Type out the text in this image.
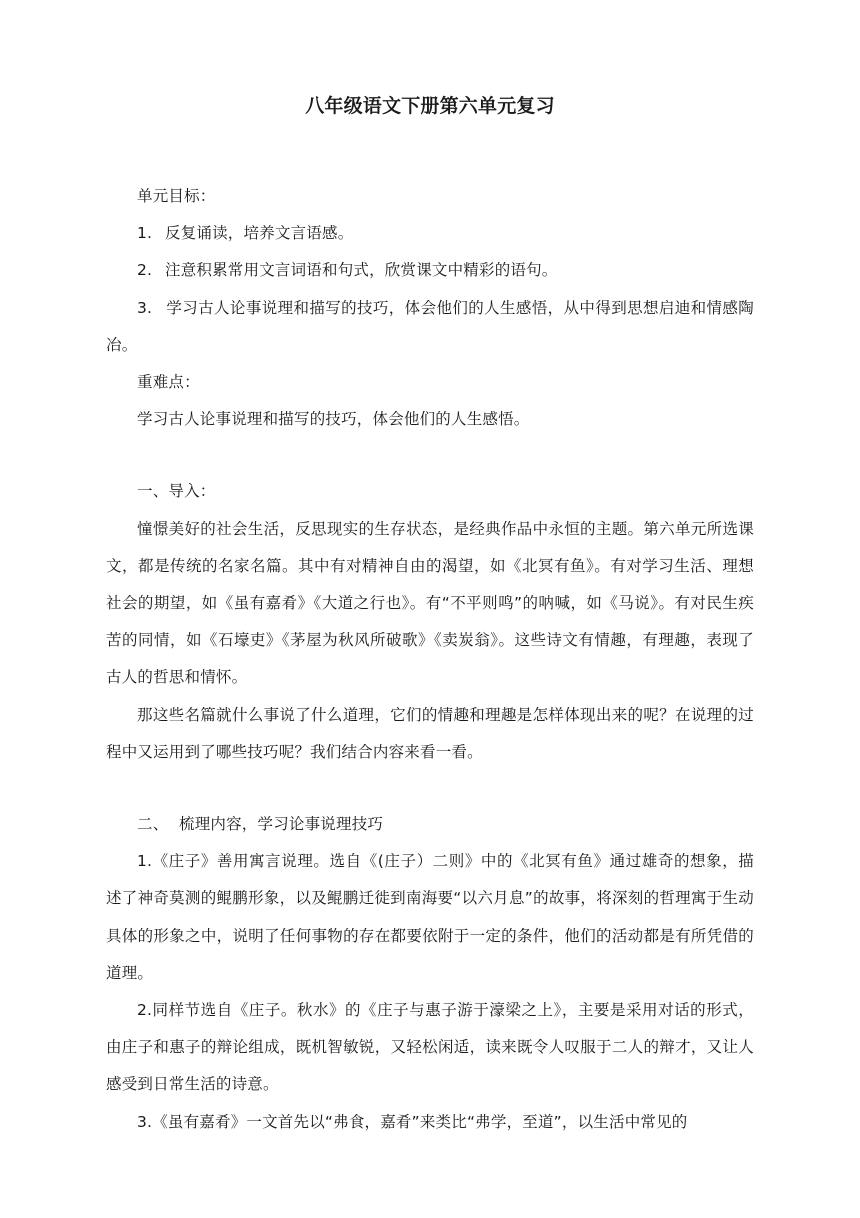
八年级语文下册第六单元复习

单元目标：

1. 反复诵读，培养文言语感。
2. 注意积累常用文言词语和句式，欣赏课文中精彩的语句。
3. 学习古人论事说理和描写的技巧，体会他们的人生感悟，从中得到思想启迪和情感陶冶。

重难点：

学习古人论事说理和描写的技巧，体会他们的人生感悟。

一、导入：

憧憬美好的社会生活，反思现实的生存状态，是经典作品中永恒的主题。第六单元所选课文，都是传统的名家名篇。其中有对精神自由的渴望，如《北冥有鱼》。有对学习生活、理想社会的期望，如《虽有嘉肴》《大道之行也》。有“不平则鸣”的呐喊，如《马说》。有对民生疾苦的同情，如《石壕吏》《茅屋为秋风所破歌》《卖炭翁》。这些诗文有情趣，有理趣，表现了古人的哲思和情怀。

那这些名篇就什么事说了什么道理，它们的情趣和理趣是怎样体现出来的呢？在说理的过程中又运用到了哪些技巧呢？我们结合内容来看一看。

二、 梳理内容，学习论事说理技巧

1.《庄子》善用寓言说理。选自《(庄子）二则》中的《北冥有鱼》通过雄奇的想象，描述了神奇莫测的鲲鹏形象，以及鲲鹏迁徙到南海要“以六月息”的故事，将深刻的哲理寓于生动具体的形象之中，说明了任何事物的存在都要依附于一定的条件，他们的活动都是有所凭借的道理。

2.同样节选自《庄子。秋水》的《庄子与惠子游于濠梁之上》，主要是采用对话的形式，由庄子和惠子的辩论组成，既机智敏锐，又轻松闲适，读来既令人叹服于二人的辩才，又让人感受到日常生活的诗意。

3.《虽有嘉肴》一文首先以“弗食，嘉肴”来类比“弗学，至道”，以生活中常见的
